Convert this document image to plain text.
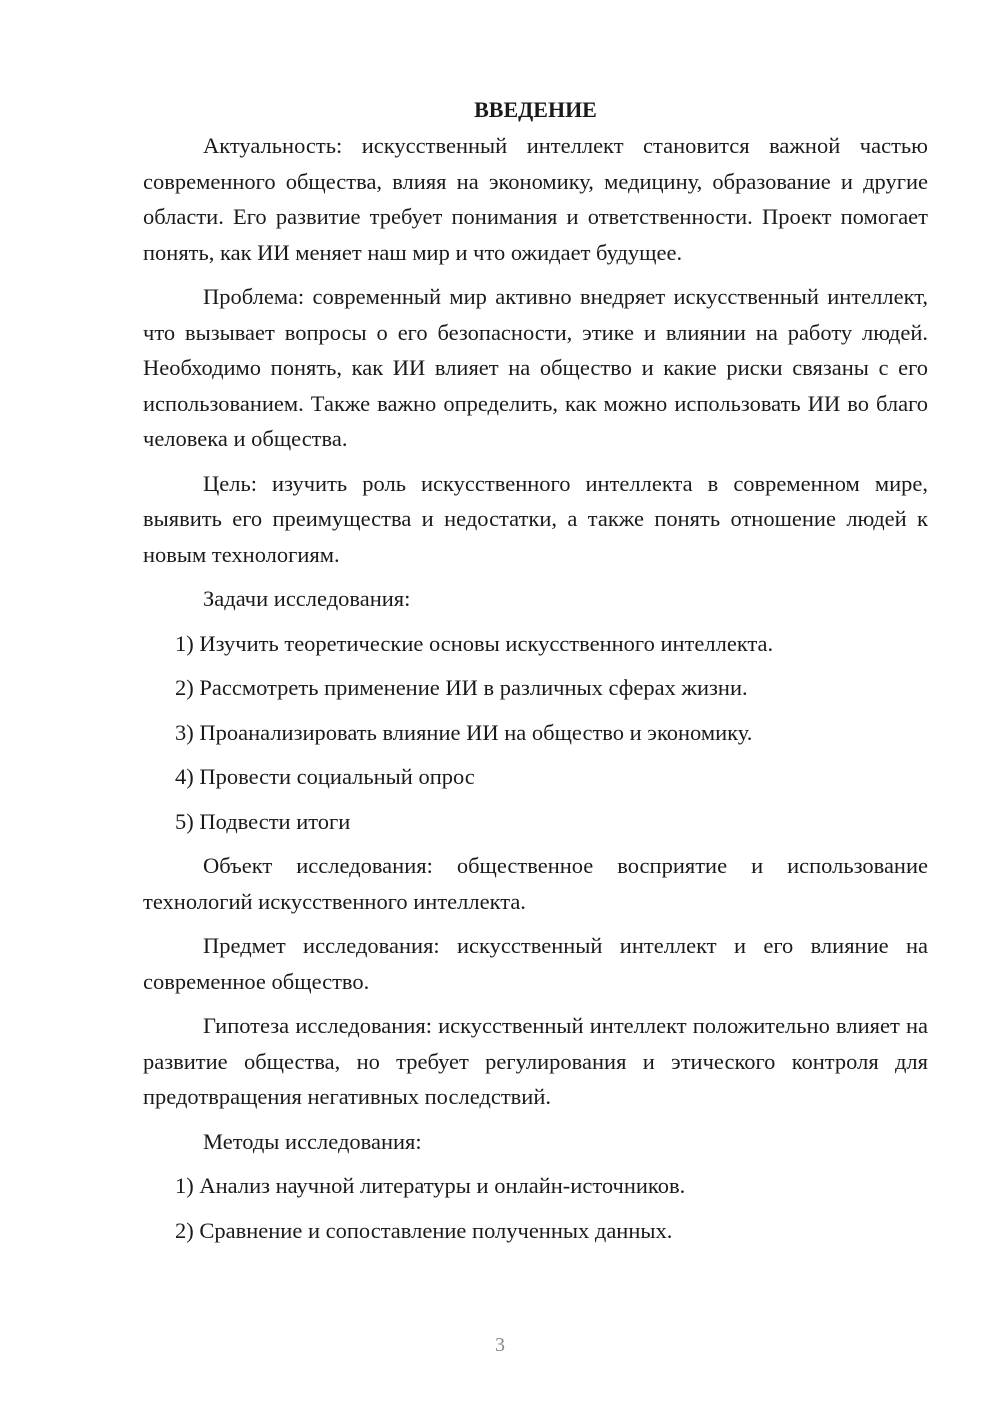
ВВЕДЕНИЕ

Актуальность: искусственный интеллект становится важной частью современного общества, влияя на экономику, медицину, образование и другие области. Его развитие требует понимания и ответственности. Проект помогает понять, как ИИ меняет наш мир и что ожидает будущее.

Проблема: современный мир активно внедряет искусственный интеллект, что вызывает вопросы о его безопасности, этике и влиянии на работу людей. Необходимо понять, как ИИ влияет на общество и какие риски связаны с его использованием. Также важно определить, как можно использовать ИИ во благо человека и общества.

Цель: изучить роль искусственного интеллекта в современном мире, выявить его преимущества и недостатки, а также понять отношение людей к новым технологиям.

Задачи исследования:

1) Изучить теоретические основы искусственного интеллекта.

2) Рассмотреть применение ИИ в различных сферах жизни.

3) Проанализировать влияние ИИ на общество и экономику.

4) Провести социальный опрос

5) Подвести итоги

Объект исследования: общественное восприятие и использование технологий искусственного интеллекта.

Предмет исследования: искусственный интеллект и его влияние на современное общество.

Гипотеза исследования: искусственный интеллект положительно влияет на развитие общества, но требует регулирования и этического контроля для предотвращения негативных последствий.

Методы исследования:

1) Анализ научной литературы и онлайн-источников.

2) Сравнение и сопоставление полученных данных.

3
